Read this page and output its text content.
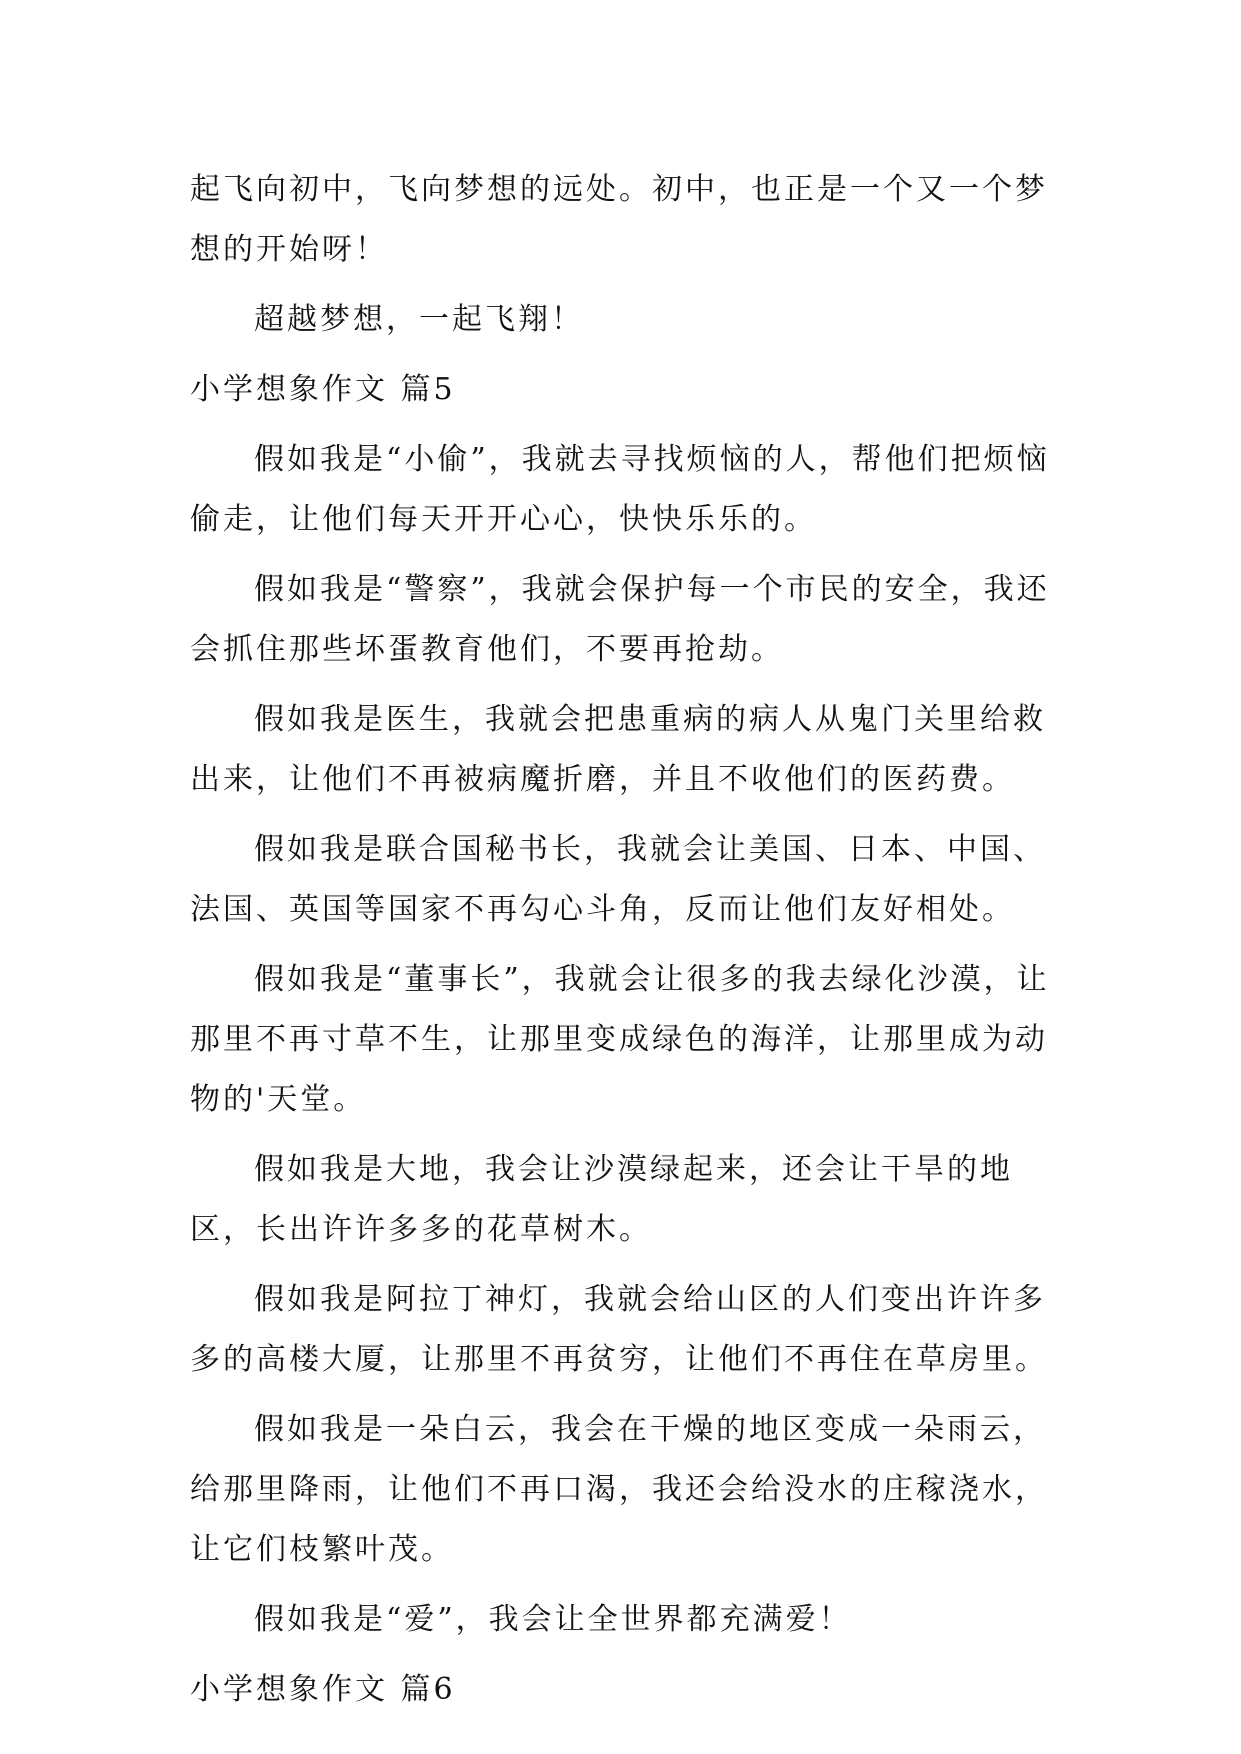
起飞向初中，飞向梦想的远处。初中，也正是一个又一个梦想的开始呀！

超越梦想，一起飞翔！

小学想象作文 篇5

假如我是“小偷”，我就去寻找烦恼的人，帮他们把烦恼偷走，让他们每天开开心心，快快乐乐的。

假如我是“警察”，我就会保护每一个市民的安全，我还会抓住那些坏蛋教育他们，不要再抢劫。

假如我是医生，我就会把患重病的病人从鬼门关里给救出来，让他们不再被病魔折磨，并且不收他们的医药费。

假如我是联合国秘书长，我就会让美国、日本、中国、法国、英国等国家不再勾心斗角，反而让他们友好相处。

假如我是“董事长”，我就会让很多的我去绿化沙漠，让那里不再寸草不生，让那里变成绿色的海洋，让那里成为动物的'天堂。

假如我是大地，我会让沙漠绿起来，还会让干旱的地区，长出许许多多的花草树木。

假如我是阿拉丁神灯，我就会给山区的人们变出许许多多的高楼大厦，让那里不再贫穷，让他们不再住在草房里。

假如我是一朵白云，我会在干燥的地区变成一朵雨云，给那里降雨，让他们不再口渴，我还会给没水的庄稼浇水，让它们枝繁叶茂。

假如我是“爱”，我会让全世界都充满爱！

小学想象作文 篇6
